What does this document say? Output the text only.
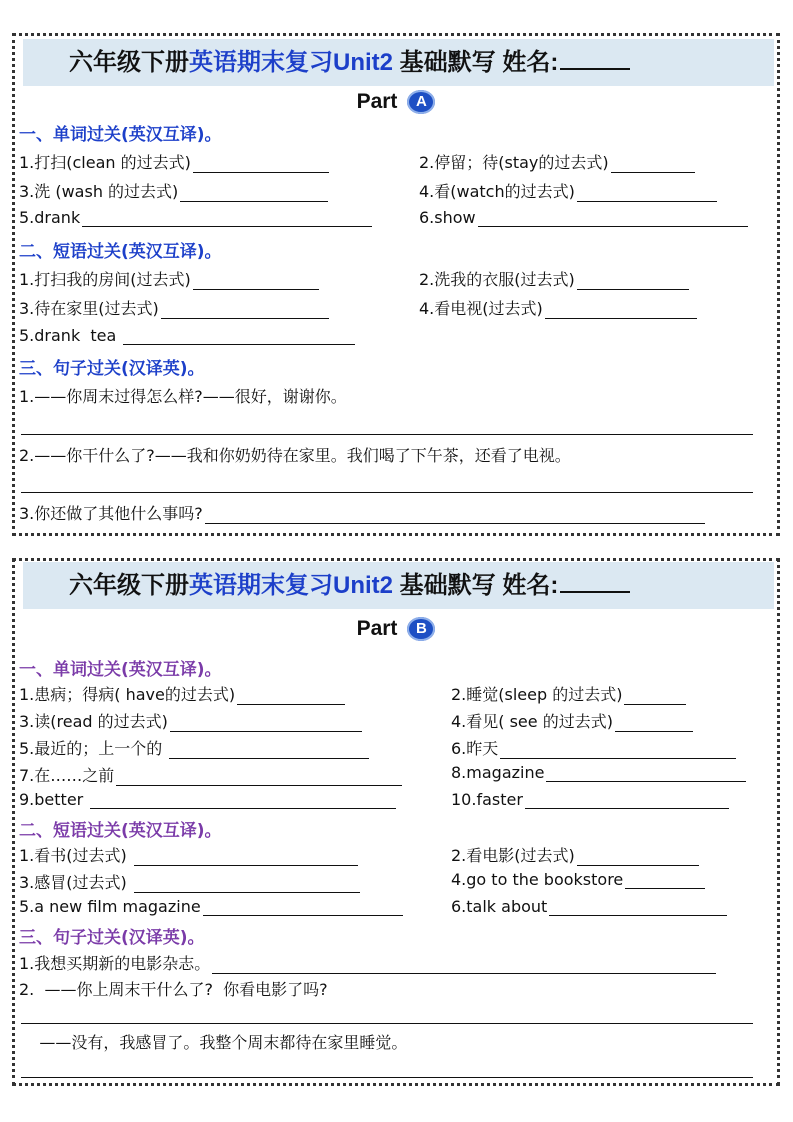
六年级下册英语期末复习Unit2 基础默写 姓名:
Part A
一、单词过关(英汉互译)。
1.打扫(clean 的过去式)	2.停留；待(stay的过去式)
3.洗 (wash 的过去式)	4.看(watch的过去式)
5.drank	6.show
二、短语过关(英汉互译)。
1.打扫我的房间(过去式)	2.洗我的衣服(过去式)
3.待在家里(过去式)	4.看电视(过去式)
5.drank  tea
三、句子过关(汉译英)。
1.——你周末过得怎么样?——很好，谢谢你。
2.——你干什么了?——我和你奶奶待在家里。我们喝了下午茶，还看了电视。
3.你还做了其他什么事吗?
六年级下册英语期末复习Unit2 基础默写 姓名:
Part B
一、单词过关(英汉互译)。
1.患病；得病( have的过去式)	2.睡觉(sleep 的过去式)
3.读(read 的过去式)	4.看见( see 的过去式)
5.最近的；上一个的	6.昨天
7.在……之前	8.magazine
9.better	10.faster
二、短语过关(英汉互译)。
1.看书(过去式)	2.看电影(过去式)
3.感冒(过去式)	4.go to the bookstore
5.a new film magazine	6.talk about
三、句子过关(汉译英)。
1.我想买期新的电影杂志。
2.  ——你上周末干什么了?  你看电影了吗?
——没有，我感冒了。我整个周末都待在家里睡觉。
